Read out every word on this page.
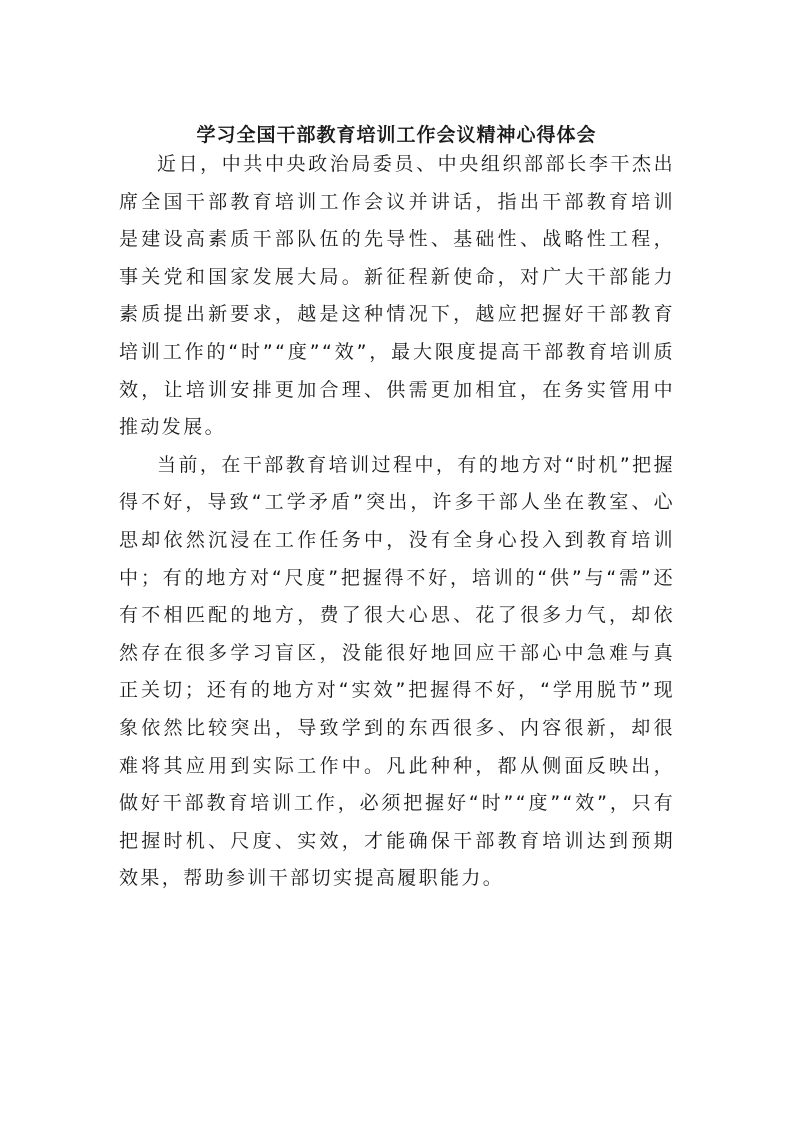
学习全国干部教育培训工作会议精神心得体会

近日，中共中央政治局委员、中央组织部部长李干杰出席全国干部教育培训工作会议并讲话，指出干部教育培训是建设高素质干部队伍的先导性、基础性、战略性工程，事关党和国家发展大局。新征程新使命，对广大干部能力素质提出新要求，越是这种情况下，越应把握好干部教育培训工作的“时”“度”“效”，最大限度提高干部教育培训质效，让培训安排更加合理、供需更加相宜，在务实管用中推动发展。

当前，在干部教育培训过程中，有的地方对“时机”把握得不好，导致“工学矛盾”突出，许多干部人坐在教室、心思却依然沉浸在工作任务中，没有全身心投入到教育培训中；有的地方对“尺度”把握得不好，培训的“供”与“需”还有不相匹配的地方，费了很大心思、花了很多力气，却依然存在很多学习盲区，没能很好地回应干部心中急难与真正关切；还有的地方对“实效”把握得不好，“学用脱节”现象依然比较突出，导致学到的东西很多、内容很新，却很难将其应用到实际工作中。凡此种种，都从侧面反映出，做好干部教育培训工作，必须把握好“时”“度”“效”，只有把握时机、尺度、实效，才能确保干部教育培训达到预期效果，帮助参训干部切实提高履职能力。
